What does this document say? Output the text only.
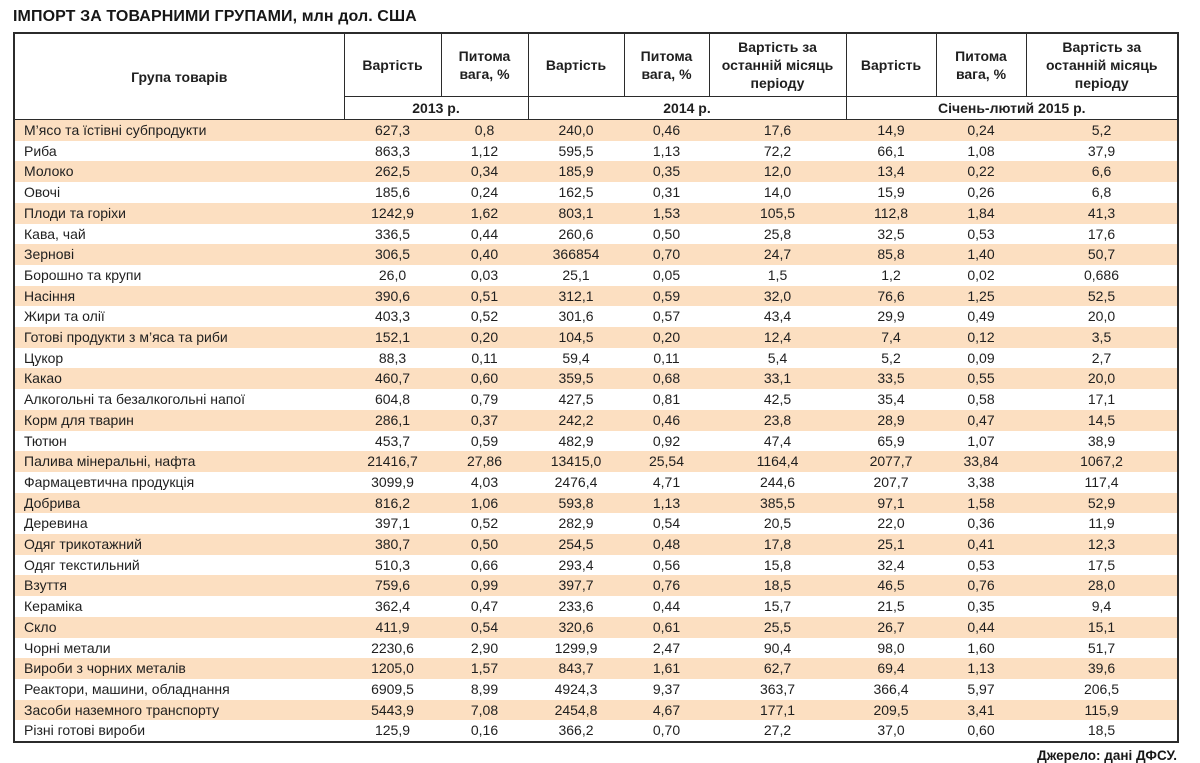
ІМПОРТ ЗА ТОВАРНИМИ ГРУПАМИ, млн дол. США
Група товарів	Вартість	Питома вага, %	Вартість	Питома вага, %	Вартість за останній місяць періоду	Вартість	Питома вага, %	Вартість за останній місяць періоду
	2013 р.		2014 р.			Січень-лютий 2015 р.		
М’ясо та їстівні субпродукти	627,3	0,8	240,0	0,46	17,6	14,9	0,24	5,2
Риба	863,3	1,12	595,5	1,13	72,2	66,1	1,08	37,9
Молоко	262,5	0,34	185,9	0,35	12,0	13,4	0,22	6,6
Овочі	185,6	0,24	162,5	0,31	14,0	15,9	0,26	6,8
Плоди та горіхи	1242,9	1,62	803,1	1,53	105,5	112,8	1,84	41,3
Кава, чай	336,5	0,44	260,6	0,50	25,8	32,5	0,53	17,6
Зернові	306,5	0,40	366854	0,70	24,7	85,8	1,40	50,7
Борошно та крупи	26,0	0,03	25,1	0,05	1,5	1,2	0,02	0,686
Насіння	390,6	0,51	312,1	0,59	32,0	76,6	1,25	52,5
Жири та олії	403,3	0,52	301,6	0,57	43,4	29,9	0,49	20,0
Готові продукти з м’яса та риби	152,1	0,20	104,5	0,20	12,4	7,4	0,12	3,5
Цукор	88,3	0,11	59,4	0,11	5,4	5,2	0,09	2,7
Какао	460,7	0,60	359,5	0,68	33,1	33,5	0,55	20,0
Алкогольні та безалкогольні напої	604,8	0,79	427,5	0,81	42,5	35,4	0,58	17,1
Корм для тварин	286,1	0,37	242,2	0,46	23,8	28,9	0,47	14,5
Тютюн	453,7	0,59	482,9	0,92	47,4	65,9	1,07	38,9
Палива мінеральні, нафта	21416,7	27,86	13415,0	25,54	1164,4	2077,7	33,84	1067,2
Фармацевтична продукція	3099,9	4,03	2476,4	4,71	244,6	207,7	3,38	117,4
Добрива	816,2	1,06	593,8	1,13	385,5	97,1	1,58	52,9
Деревина	397,1	0,52	282,9	0,54	20,5	22,0	0,36	11,9
Одяг трикотажний	380,7	0,50	254,5	0,48	17,8	25,1	0,41	12,3
Одяг текстильний	510,3	0,66	293,4	0,56	15,8	32,4	0,53	17,5
Взуття	759,6	0,99	397,7	0,76	18,5	46,5	0,76	28,0
Кераміка	362,4	0,47	233,6	0,44	15,7	21,5	0,35	9,4
Скло	411,9	0,54	320,6	0,61	25,5	26,7	0,44	15,1
Чорні метали	2230,6	2,90	1299,9	2,47	90,4	98,0	1,60	51,7
Вироби з чорних металів	1205,0	1,57	843,7	1,61	62,7	69,4	1,13	39,6
Реактори, машини, обладнання	6909,5	8,99	4924,3	9,37	363,7	366,4	5,97	206,5
Засоби наземного транспорту	5443,9	7,08	2454,8	4,67	177,1	209,5	3,41	115,9
Різні готові вироби	125,9	0,16	366,2	0,70	27,2	37,0	0,60	18,5
Джерело: дані ДФСУ.
